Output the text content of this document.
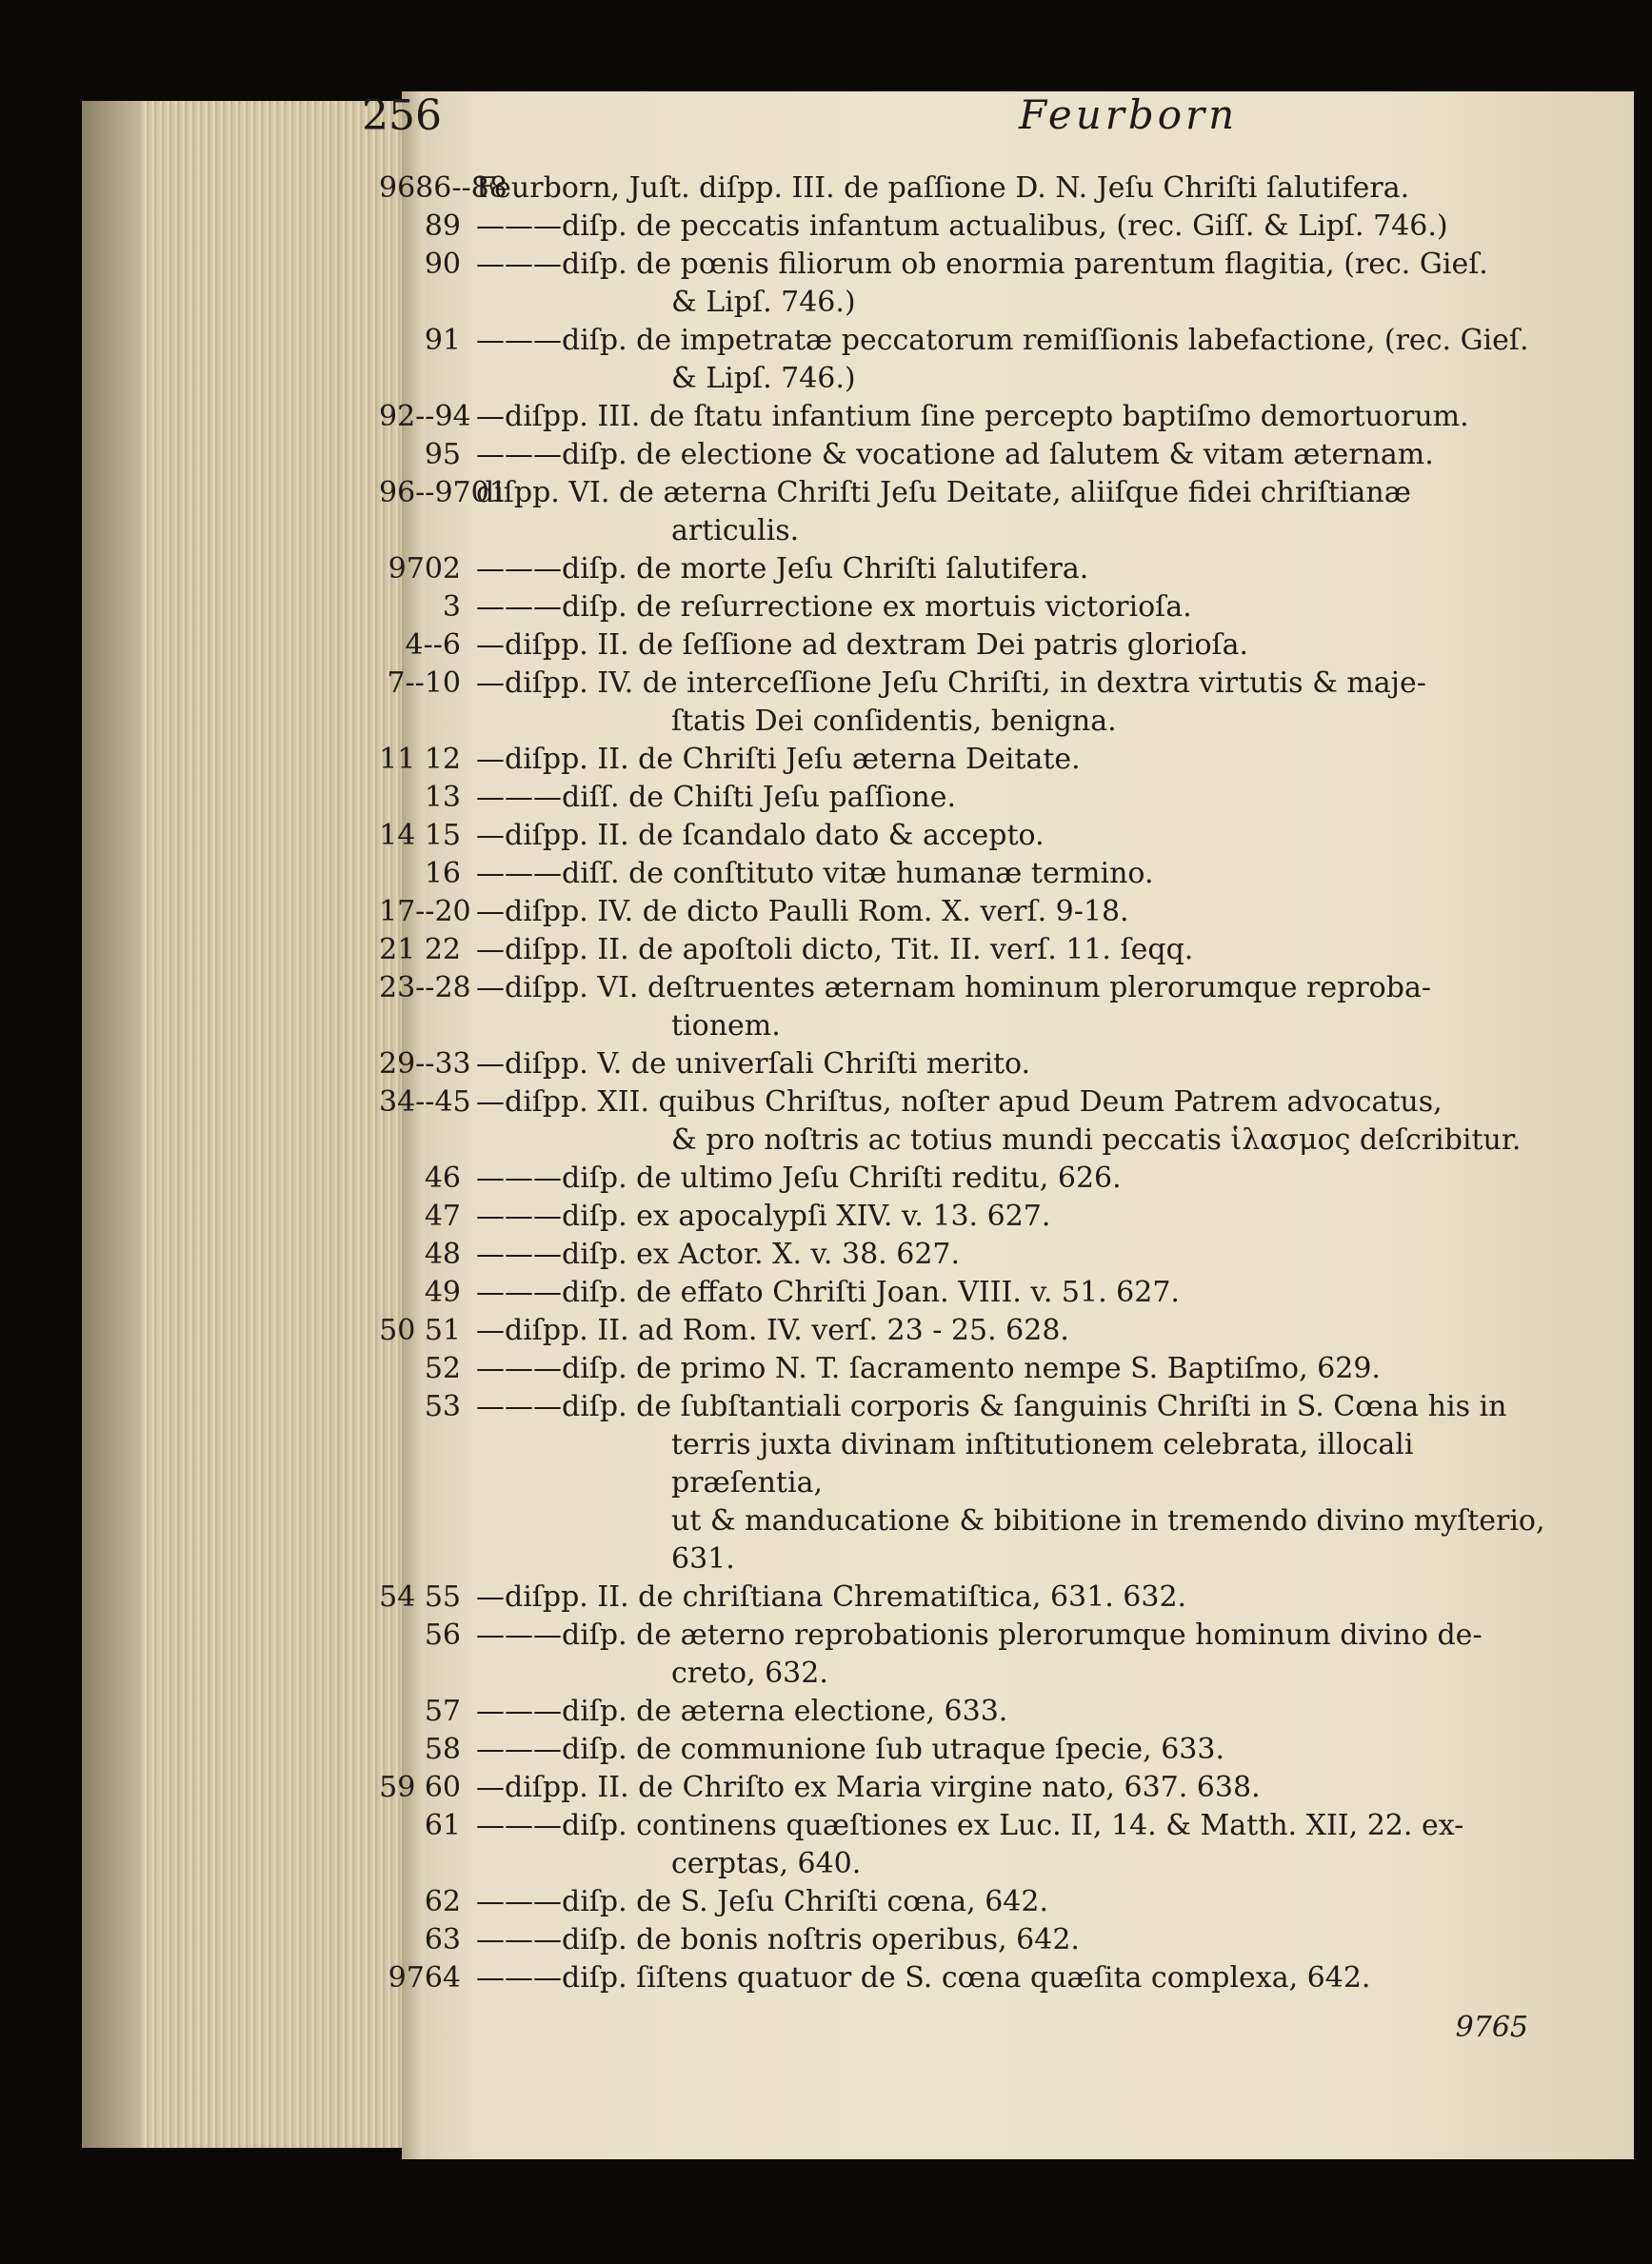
256	Feurborn
9686--88
Feurborn, Juſt. diſpp. III. de paſſione D. N. Jeſu Chriſti ſalutifera.
89 ———diſp. de peccatis infantum actualibus, (rec. Giſſ. & Lipſ. 746.)
90 ———diſp. de pœnis filiorum ob enormia parentum flagitia, (rec. Gieſ.
& Lipſ. 746.)
91 ———diſp. de impetratæ peccatorum remiſſionis labefactione, (rec. Gieſ.
& Lipſ. 746.)
92--94 —diſpp. III. de ſtatu infantium ſine percepto baptiſmo demortuorum.
95 ———diſp. de electione & vocatione ad ſalutem & vitam æternam.
96--9701
diſpp. VI. de æterna Chriſti Jeſu Deitate, aliiſque fidei chriſtianæ
articulis.
9702 ———diſp. de morte Jeſu Chriſti ſalutifera.
3 ———diſp. de reſurrectione ex mortuis victorioſa.
4--6 —diſpp. II. de ſeſſione ad dextram Dei patris glorioſa.
7--10 —diſpp. IV. de interceſſione Jeſu Chriſti, in dextra virtutis & maje-
ſtatis Dei conſidentis, benigna.
11 12 —diſpp. II. de Chriſti Jeſu æterna Deitate.
13 ———diſſ. de Chiſti Jeſu paſſione.
14 15 —diſpp. II. de ſcandalo dato & accepto.
16 ———diſſ. de conſtituto vitæ humanæ termino.
17--20 —diſpp. IV. de dicto Paulli Rom. X. verſ. 9-18.
21 22 —diſpp. II. de apoſtoli dicto, Tit. II. verſ. 11. ſeqq.
23--28 —diſpp. VI. deſtruentes æternam hominum plerorumque reproba-
tionem.
29--33 —diſpp. V. de univerſali Chriſti merito.
34--45 —diſpp. XII. quibus Chriſtus, noſter apud Deum Patrem advocatus,
& pro noſtris ac totius mundi peccatis ἱλασμος deſcribitur.
46 ———diſp. de ultimo Jeſu Chriſti reditu, 626.
47 ———diſp. ex apocalypſi XIV. v. 13. 627.
48 ———diſp. ex Actor. X. v. 38. 627.
49 ———diſp. de effato Chriſti Joan. VIII. v. 51. 627.
50 51 —diſpp. II. ad Rom. IV. verſ. 23 - 25. 628.
52 ———diſp. de primo N. T. ſacramento nempe S. Baptiſmo, 629.
53 ———diſp. de ſubſtantiali corporis & ſanguinis Chriſti in S. Cœna his in
terris juxta divinam inſtitutionem celebrata, illocali præſentia,
ut & manducatione & bibitione in tremendo divino myſterio, 631.
54 55 —diſpp. II. de chriſtiana Chrematiſtica, 631. 632.
56 ———diſp. de æterno reprobationis plerorumque hominum divino de-
creto, 632.
57 ———diſp. de æterna electione, 633.
58 ———diſp. de communione ſub utraque ſpecie, 633.
59 60 —diſpp. II. de Chriſto ex Maria virgine nato, 637. 638.
61 ———diſp. continens quæſtiones ex Luc. II, 14. & Matth. XII, 22. ex-
cerptas, 640.
62 ———diſp. de S. Jeſu Chriſti cœna, 642.
63 ———diſp. de bonis noſtris operibus, 642.
9764 ———diſp. ſiſtens quatuor de S. cœna quæſita complexa, 642.
9765
